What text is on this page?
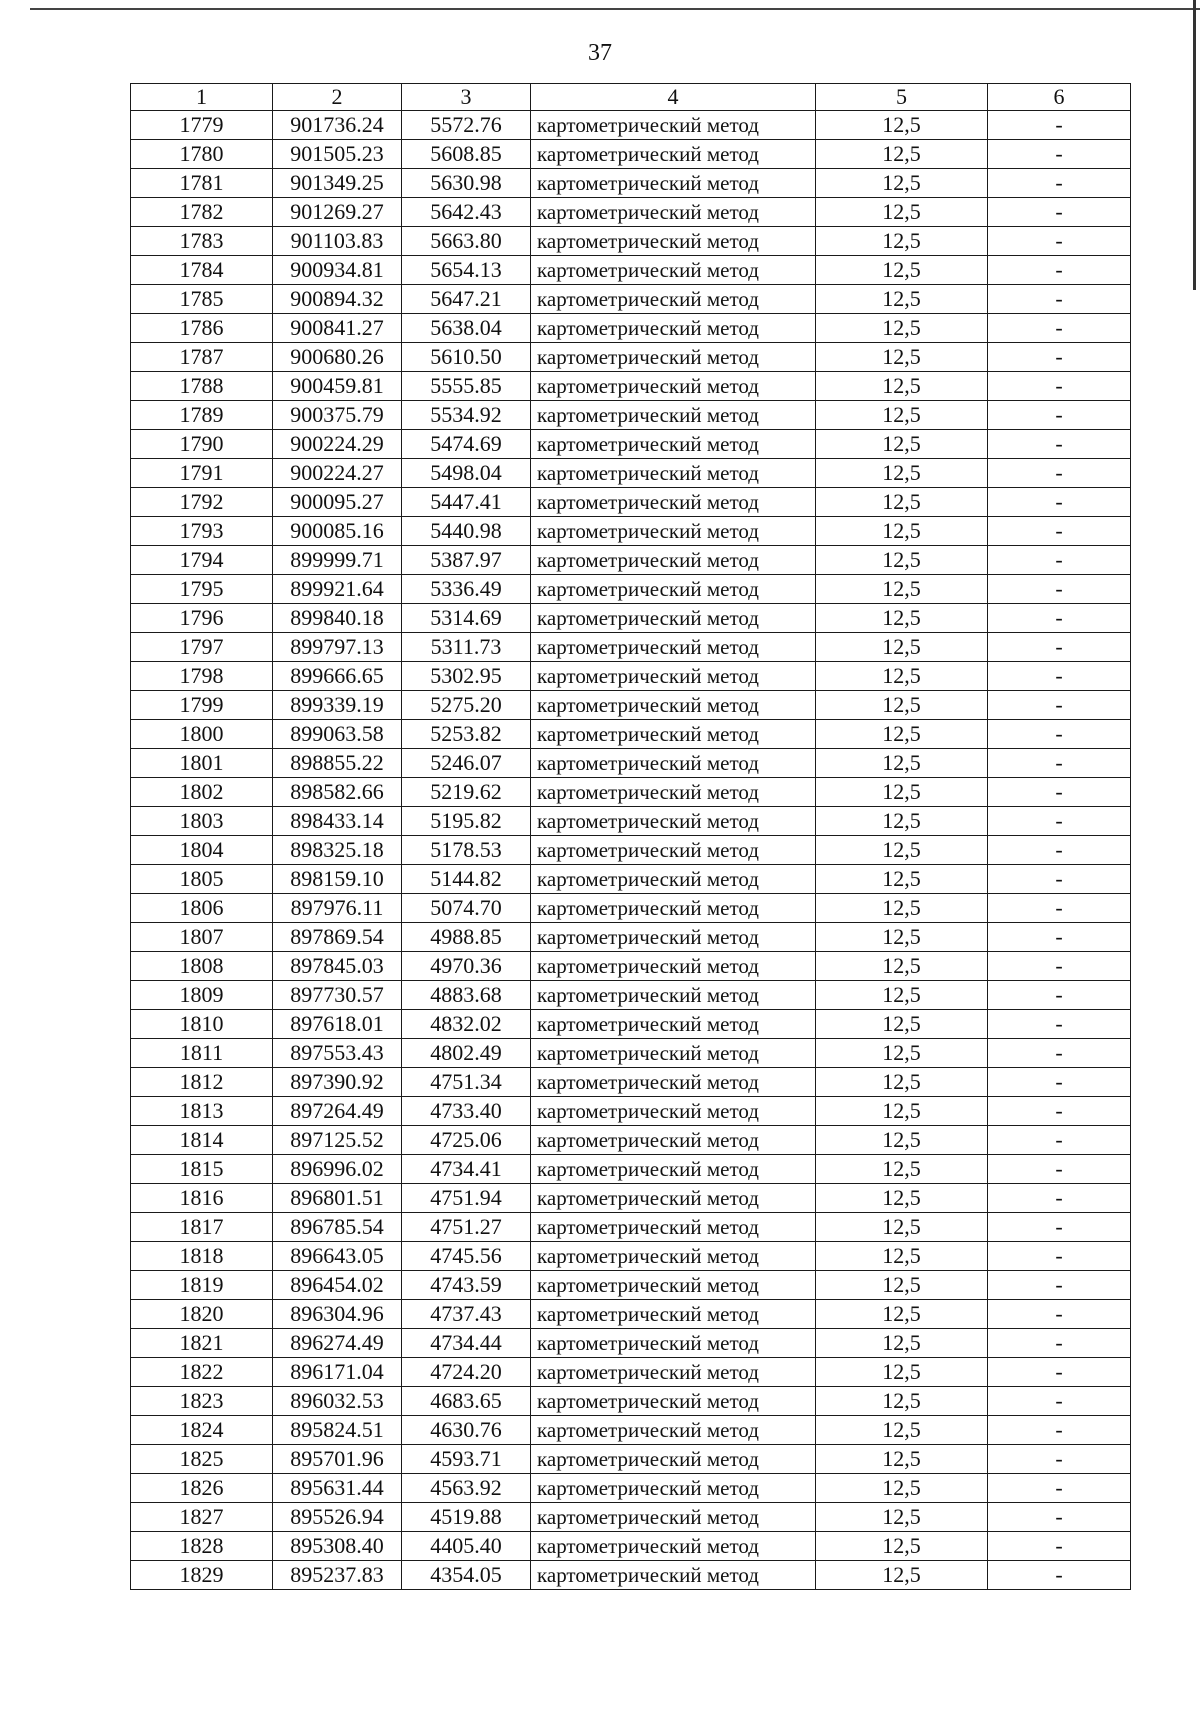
37
1	2	3	4	5	6
1779	901736.24	5572.76	картометрический метод	12,5	-
1780	901505.23	5608.85	картометрический метод	12,5	-
1781	901349.25	5630.98	картометрический метод	12,5	-
1782	901269.27	5642.43	картометрический метод	12,5	-
1783	901103.83	5663.80	картометрический метод	12,5	-
1784	900934.81	5654.13	картометрический метод	12,5	-
1785	900894.32	5647.21	картометрический метод	12,5	-
1786	900841.27	5638.04	картометрический метод	12,5	-
1787	900680.26	5610.50	картометрический метод	12,5	-
1788	900459.81	5555.85	картометрический метод	12,5	-
1789	900375.79	5534.92	картометрический метод	12,5	-
1790	900224.29	5474.69	картометрический метод	12,5	-
1791	900224.27	5498.04	картометрический метод	12,5	-
1792	900095.27	5447.41	картометрический метод	12,5	-
1793	900085.16	5440.98	картометрический метод	12,5	-
1794	899999.71	5387.97	картометрический метод	12,5	-
1795	899921.64	5336.49	картометрический метод	12,5	-
1796	899840.18	5314.69	картометрический метод	12,5	-
1797	899797.13	5311.73	картометрический метод	12,5	-
1798	899666.65	5302.95	картометрический метод	12,5	-
1799	899339.19	5275.20	картометрический метод	12,5	-
1800	899063.58	5253.82	картометрический метод	12,5	-
1801	898855.22	5246.07	картометрический метод	12,5	-
1802	898582.66	5219.62	картометрический метод	12,5	-
1803	898433.14	5195.82	картометрический метод	12,5	-
1804	898325.18	5178.53	картометрический метод	12,5	-
1805	898159.10	5144.82	картометрический метод	12,5	-
1806	897976.11	5074.70	картометрический метод	12,5	-
1807	897869.54	4988.85	картометрический метод	12,5	-
1808	897845.03	4970.36	картометрический метод	12,5	-
1809	897730.57	4883.68	картометрический метод	12,5	-
1810	897618.01	4832.02	картометрический метод	12,5	-
1811	897553.43	4802.49	картометрический метод	12,5	-
1812	897390.92	4751.34	картометрический метод	12,5	-
1813	897264.49	4733.40	картометрический метод	12,5	-
1814	897125.52	4725.06	картометрический метод	12,5	-
1815	896996.02	4734.41	картометрический метод	12,5	-
1816	896801.51	4751.94	картометрический метод	12,5	-
1817	896785.54	4751.27	картометрический метод	12,5	-
1818	896643.05	4745.56	картометрический метод	12,5	-
1819	896454.02	4743.59	картометрический метод	12,5	-
1820	896304.96	4737.43	картометрический метод	12,5	-
1821	896274.49	4734.44	картометрический метод	12,5	-
1822	896171.04	4724.20	картометрический метод	12,5	-
1823	896032.53	4683.65	картометрический метод	12,5	-
1824	895824.51	4630.76	картометрический метод	12,5	-
1825	895701.96	4593.71	картометрический метод	12,5	-
1826	895631.44	4563.92	картометрический метод	12,5	-
1827	895526.94	4519.88	картометрический метод	12,5	-
1828	895308.40	4405.40	картометрический метод	12,5	-
1829	895237.83	4354.05	картометрический метод	12,5	-
